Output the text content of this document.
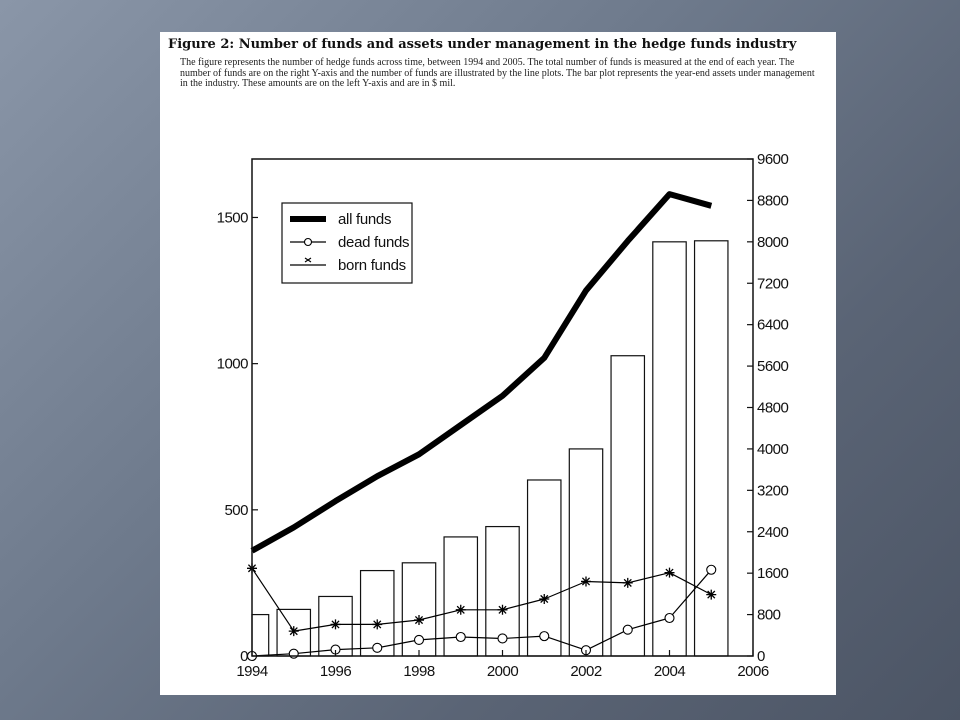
Figure 2: Number of funds and assets under management in the hedge funds industry
The figure represents the number of hedge funds across time, between 1994 and 2005. The total number of funds is measured at the end of each year. The number of funds are on the right Y-axis and the number of funds are illustrated by the line plots. The bar plot represents the year-end assets under management in the industry. These amounts are on the left Y-axis and are in $ mil.
1994	1996	1998	2000	2002	2004	2006
0
500
1000
1500
0
800
1600
2400
3200
4000
4800
5600
6400
7200
8000
8800
9600
all funds
dead funds
born funds
